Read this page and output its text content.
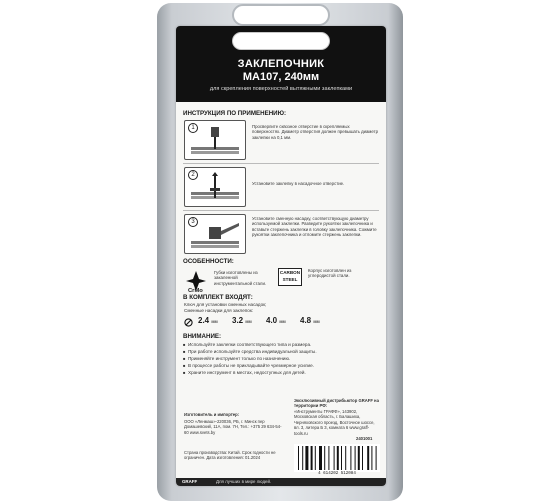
ЗАКЛЕПОЧНИК
MA107, 240мм
для скрепления поверхностей вытяжными заклепками
ИНСТРУКЦИЯ ПО ПРИМЕНЕНИЮ:
1	Просверлите сквозное отверстие в скрепляемых поверхностях. Диаметр отверстия должен превышать диаметр заклепки на 0,1 мм.
2
Установите заклепку в насадочное отверстие.
3
Установите сменную насадку, соответствующую диаметру используемой заклепки. Разведите рукоятки заклепочника и вставьте стержень заклепки в головку заклепочника. Сожмите рукоятки заклепочника и отломите стержень заклепки.
ОСОБЕННОСТИ:
CrMo
Губки изготовлены из закаленной инструментальной стали.
CARBON
STEEL
Корпус изготовлен из углеродистой стали.
В КОМПЛЕКТ ВХОДЯТ:
Ключ для установки сменных насадок;
Сменные насадки для заклепок:
2.4 мм 3.2 мм 4.0 мм 4.8 мм
ВНИМАНИЕ:
■ Используйте заклепки соответствующего типа и размера.
■ При работе используйте средства индивидуальной защиты.
■ Применяйте инструмент только по назначению.
■ В процессе работы не прикладывайте чрезмерное усилие.
■ Храните инструмент в местах, недоступных для детей.
Изготовитель и импортер:
ООО «Ленмаш»-220036, РБ, г. Минск пер Домашевский, 11А, пом. 7Н, Тел.: +375 29 634-54-60 www.svets.by
Страна производства: Китай. Срок годности не ограничен. Дата изготовления: 01.2024
Эксклюзивный дистрибьютор GRAFF на территории РФ:
«Инструменты ГРАФФ», 143902, Московская область, г. Балашиха, Черняховского проезд, Восточное шоссе, вл. 3, литера Б 3, комната 6 www.graff-tools.ru
2401001
4 614202 512084
GRAFF	Для лучших в мире людей.
